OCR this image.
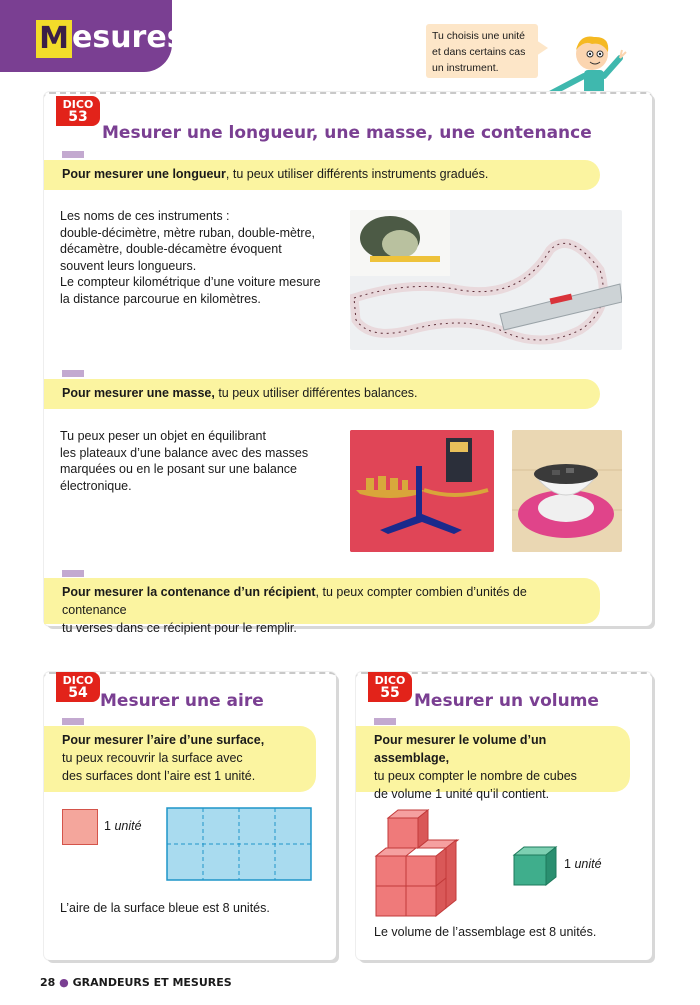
M esures	Tu choisis une unité
et dans certains cas
un instrument.
DICO
53
Mesurer une longueur, une masse, une contenance
Pour mesurer une longueur, tu peux utiliser différents instruments gradués.
Les noms de ces instruments :
double-décimètre, mètre ruban, double-mètre,
décamètre, double-décamètre évoquent
souvent leurs longueurs.
Le compteur kilométrique d’une voiture mesure
la distance parcourue en kilomètres.
Pour mesurer une masse, tu peux utiliser différentes balances.
Tu peux peser un objet en équilibrant
les plateaux d’une balance avec des masses
marquées ou en le posant sur une balance
électronique.
Pour mesurer la contenance d’un récipient, tu peux compter combien d’unités de contenance
tu verses dans ce récipient pour le remplir.
DICO
54 Mesurer une aire
Pour mesurer l’aire d’une surface,
tu peux recouvrir la surface avec
des surfaces dont l’aire est 1 unité.
1 unité
L’aire de la surface bleue est 8 unités.
DICO
55 Mesurer un volume
Pour mesurer le volume d’un assemblage,
tu peux compter le nombre de cubes
de volume 1 unité qu’il contient.
1 unité
Le volume de l’assemblage est 8 unités.
28 ● GRANDEURS ET MESURES
